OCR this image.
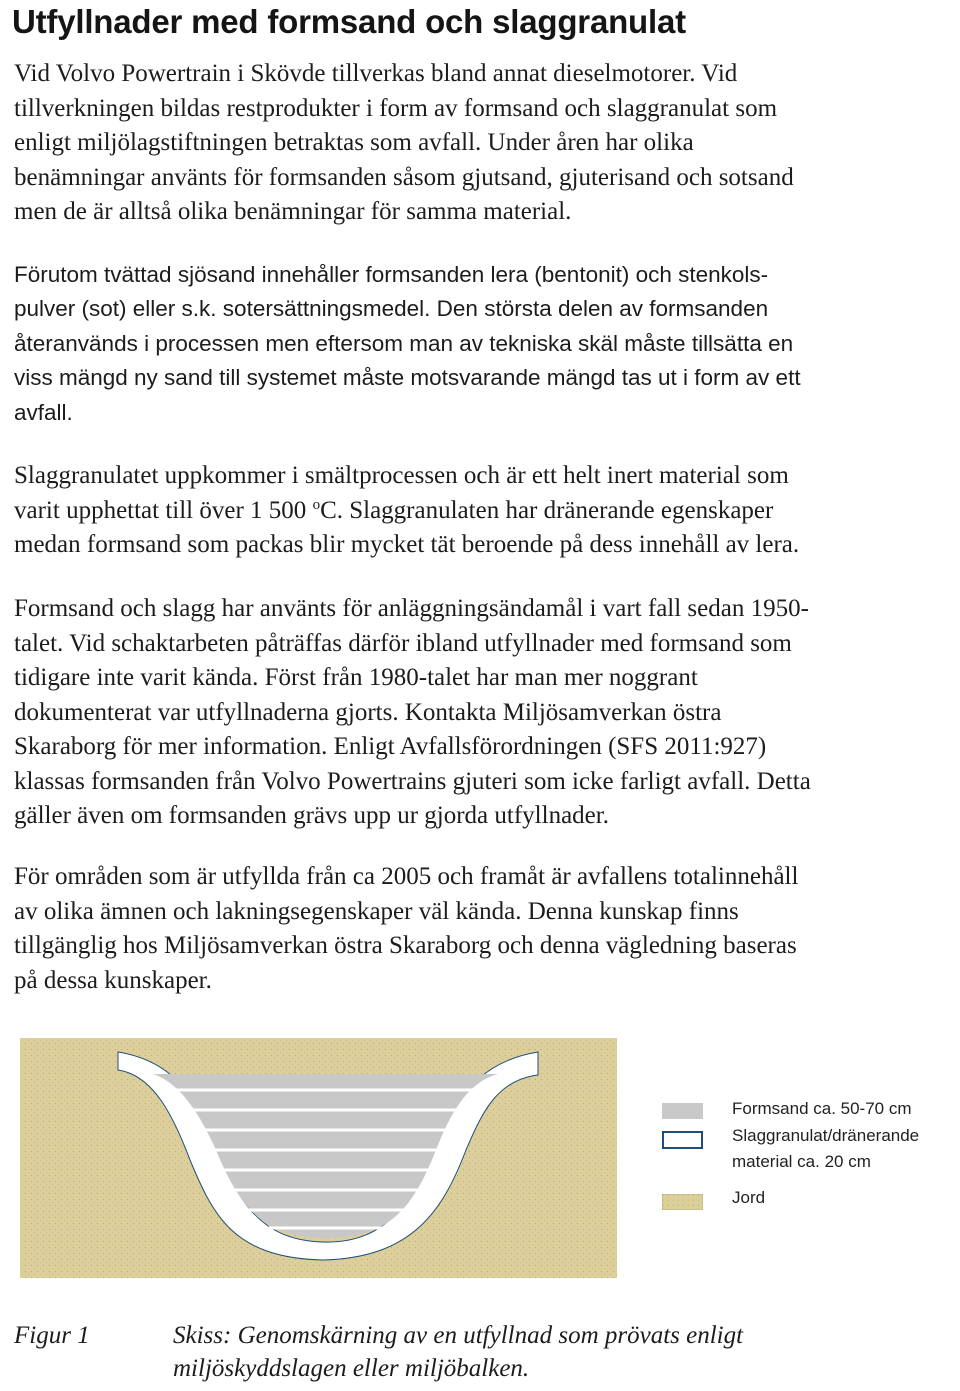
Utfyllnader med formsand och slaggranulat
Vid Volvo Powertrain i Skövde tillverkas bland annat dieselmotorer. Vid
tillverkningen bildas restprodukter i form av formsand och slaggranulat som
enligt miljölagstiftningen betraktas som avfall. Under åren har olika
benämningar använts för formsanden såsom gjutsand, gjuterisand och sotsand
men de är alltså olika benämningar för samma material.
Förutom tvättad sjösand innehåller formsanden lera (bentonit) och stenkols-
pulver (sot) eller s.k. sotersättningsmedel. Den största delen av formsanden
återanvänds i processen men eftersom man av tekniska skäl måste tillsätta en
viss mängd ny sand till systemet måste motsvarande mängd tas ut i form av ett
avfall.
Slaggranulatet uppkommer i smältprocessen och är ett helt inert material som
varit upphettat till över 1 500 $^o$C. Slaggranulaten har dränerande egenskaper
medan formsand som packas blir mycket tät beroende på dess innehåll av lera.
Formsand och slagg har använts för anläggningsändamål i vart fall sedan 1950-
talet. Vid schaktarbeten påträffas därför ibland utfyllnader med formsand som
tidigare inte varit kända. Först från 1980-talet har man mer noggrant
dokumenterat var utfyllnaderna gjorts. Kontakta Miljösamverkan östra
Skaraborg för mer information. Enligt Avfallsförordningen (SFS 2011:927)
klassas formsanden från Volvo Powertrains gjuteri som icke farligt avfall. Detta
gäller även om formsanden grävs upp ur gjorda utfyllnader.
För områden som är utfyllda från ca 2005 och framåt är avfallens totalinnehåll
av olika ämnen och lakningsegenskaper väl kända. Denna kunskap finns
tillgänglig hos Miljösamverkan östra Skaraborg och denna vägledning baseras
på dessa kunskaper.
Formsand ca. 50-70 cm
Slaggranulat/dränerande
material ca. 20 cm
Jord

Figur 1	Skiss: Genomskärning av en utfyllnad som prövats enligt
miljöskyddslagen eller miljöbalken.
